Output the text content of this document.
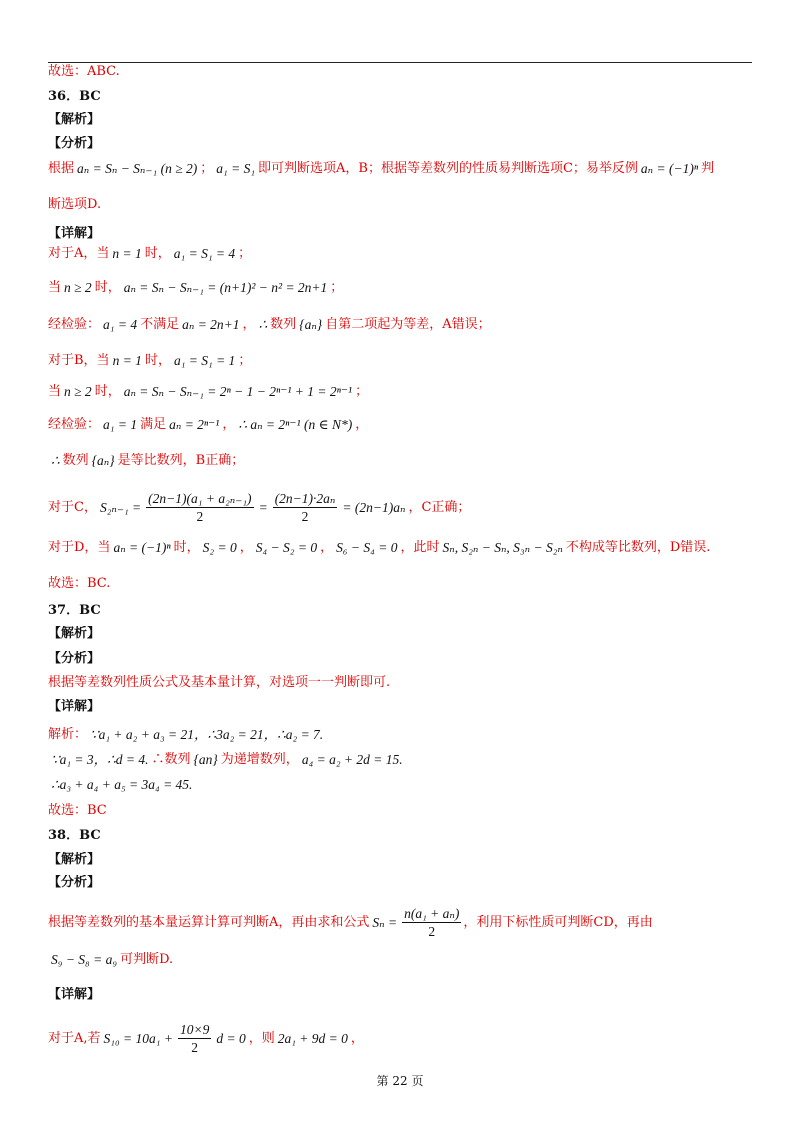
故选：ABC.
36．BC
【解析】
【分析】
根据 aₙ = Sₙ − Sₙ₋₁ (n ≥ 2) ； a₁ = S₁ 即可判断选项A，B；根据等差数列的性质易判断选项C；易举反例 aₙ = (−1)ⁿ 判
断选项D.
【详解】
对于A，当 n = 1 时， a₁ = S₁ = 4 ；
当 n ≥ 2 时， aₙ = Sₙ − Sₙ₋₁ = (n+1)² − n² = 2n+1 ；
经检验： a₁ = 4 不满足 aₙ = 2n+1 ， ∴ 数列 {aₙ} 自第二项起为等差，A错误；
对于B，当 n = 1 时， a₁ = S₁ = 1 ；
当 n ≥ 2 时， aₙ = Sₙ − Sₙ₋₁ = 2ⁿ − 1 − 2ⁿ⁻¹ + 1 = 2ⁿ⁻¹ ；
经检验： a₁ = 1 满足 aₙ = 2ⁿ⁻¹ ， ∴ aₙ = 2ⁿ⁻¹ (n ∈ N*) ，
∴ 数列 {aₙ} 是等比数列，B正确；
对于C， $S_{2n-1} = \frac{\text{(2n−1)(a₁ + a₂ₙ₋₁)}}{2} = \frac{\text{(2n−1)·2aₙ}}{2} = (2n-1)a_n$ ，C正确；
对于D，当 aₙ = (−1)ⁿ 时， S₂ = 0 ， S₄ − S₂ = 0 ， S₆ − S₄ = 0 ，此时 Sₙ, S₂ₙ − Sₙ, S₃ₙ − S₂ₙ 不构成等比数列，D错误.
故选：BC.
37．BC
【解析】
【分析】
根据等差数列性质公式及基本量计算，对选项一一判断即可.
【详解】
解析： ∵a₁ + a₂ + a₃ = 21，∴3a₂ = 21，∴a₂ = 7.
∵a₁ = 3，∴d = 4. ∴数列 {an} 为递增数列， a₄ = a₂ + 2d = 15.
∴a₃ + a₄ + a₅ = 3a₄ = 45.
故选：BC
38．BC
【解析】
【分析】
根据等差数列的基本量运算计算可判断A，再由求和公式 $S_n = \frac{\text{n(a₁ + aₙ)}}{2}$ ，利用下标性质可判断CD，再由
S₉ − S₈ = a₉ 可判断D.
【详解】
对于A,若 $S_{10} = 10a_1 + \frac{10\times 9}{2}$ d = 0 ，则 2a₁ + 9d = 0 ，
第 22 页
